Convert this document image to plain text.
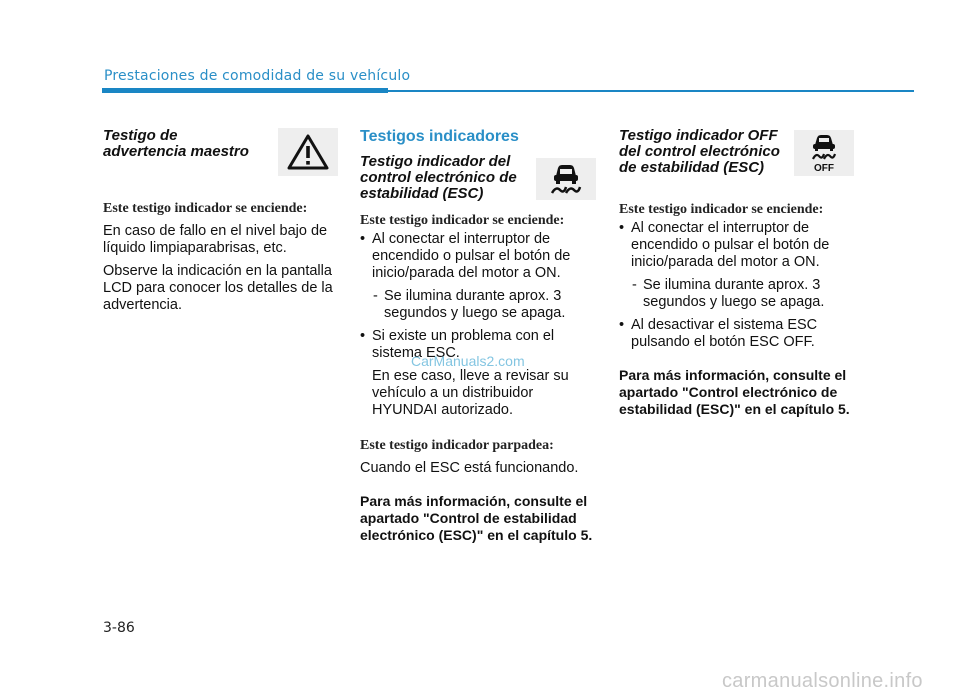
Prestaciones de comodidad de su vehículo
Testigo de advertencia maestro
Este testigo indicador se enciende:

En caso de fallo en el nivel bajo de líquido limpiaparabrisas, etc.

Observe la indicación en la pantalla LCD para conocer los detalles de la advertencia.

Testigos indicadores
Testigo indicador del control electrónico de estabilidad (ESC)
Este testigo indicador se enciende:
• Al conectar el interruptor de encendido o pulsar el botón de inicio/parada del motor a ON.
- Se ilumina durante aprox. 3 segundos y luego se apaga.
• Si existe un problema con el sistema ESC.
En ese caso, lleve a revisar su vehículo a un distribuidor HYUNDAI autorizado.
Este testigo indicador parpadea:

Cuando el ESC está funcionando.

Para más información, consulte el apartado "Control de estabilidad electrónico (ESC)" en el capítulo 5.

Testigo indicador OFF del control electrónico de estabilidad (ESC)
Este testigo indicador se enciende:
• Al conectar el interruptor de encendido o pulsar el botón de inicio/parada del motor a ON.
- Se ilumina durante aprox. 3 segundos y luego se apaga.
• Al desactivar el sistema ESC pulsando el botón ESC OFF.

Para más información, consulte el apartado "Control electrónico de estabilidad (ESC)" en el capítulo 5.

OFF
3-86
CarManuals2.com
carmanualsonline.info
